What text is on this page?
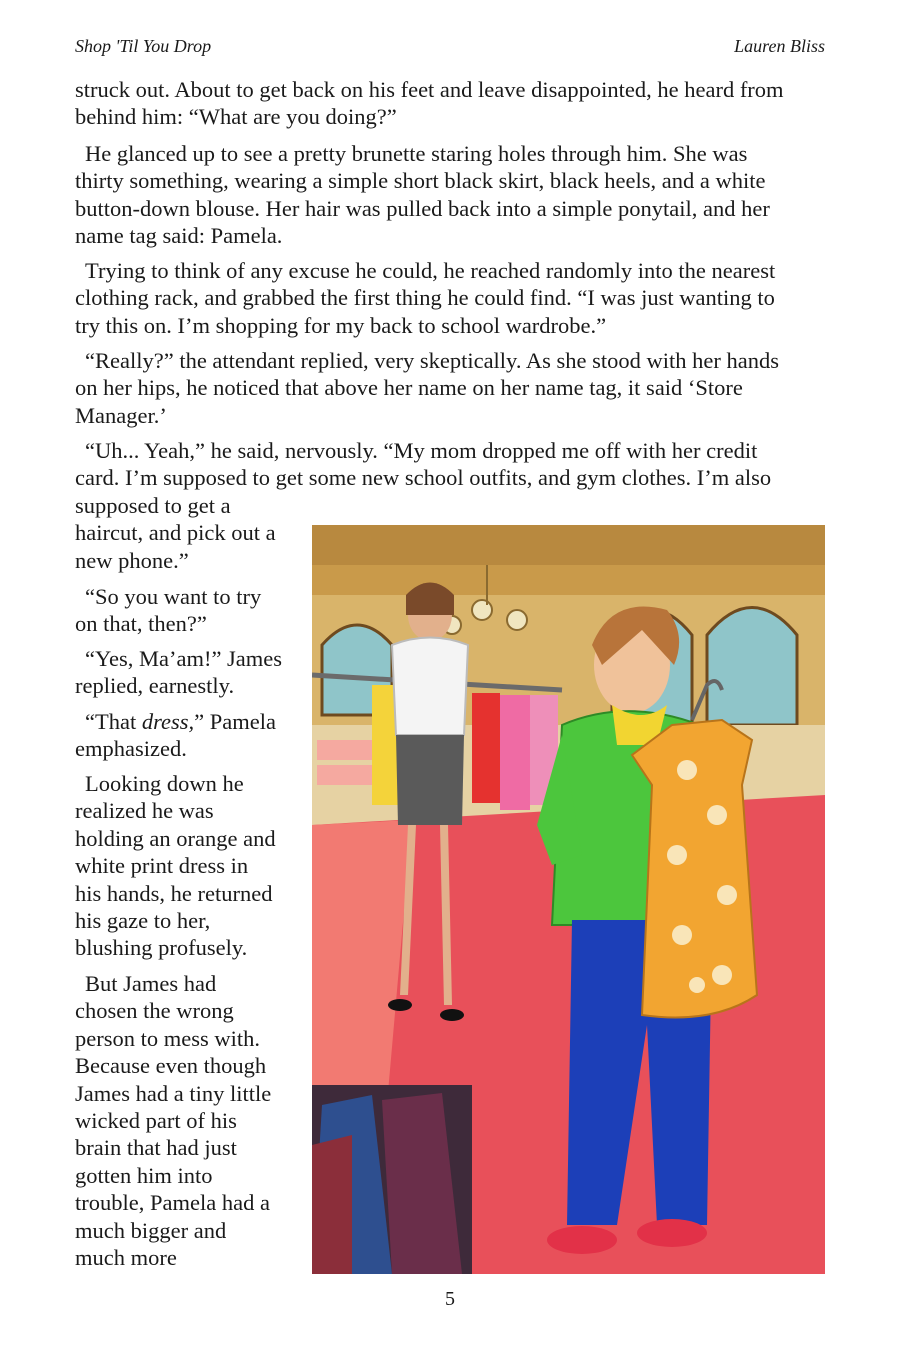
Shop 'Til You Drop	Lauren Bliss
struck out. About to get back on his feet and leave disappointed, he heard from
behind him: “What are you doing?”
He glanced up to see a pretty brunette staring holes through him. She was
thirty something, wearing a simple short black skirt, black heels, and a white
button-down blouse. Her hair was pulled back into a simple ponytail, and her
name tag said: Pamela.
Trying to think of any excuse he could, he reached randomly into the nearest
clothing rack, and grabbed the first thing he could find. “I was just wanting to
try this on. I’m shopping for my back to school wardrobe.”
“Really?” the attendant replied, very skeptically. As she stood with her hands
on her hips, he noticed that above her name on her name tag, it said ‘Store
Manager.’
“Uh... Yeah,” he said, nervously. “My mom dropped me off with her credit
card. I’m supposed to get some new school outfits, and gym clothes. I’m also
supposed to get a
haircut, and pick out a
new phone.”
“So you want to try
on that, then?”
“Yes, Ma’am!” James
replied, earnestly.
“That dress,” Pamela
emphasized.
Looking down he
realized he was
holding an orange and
white print dress in
his hands, he returned
his gaze to her,
blushing profusely.
But James had
chosen the wrong
person to mess with.
Because even though
James had a tiny little
wicked part of his
brain that had just
gotten him into
trouble, Pamela had a
much bigger and
much more
5
